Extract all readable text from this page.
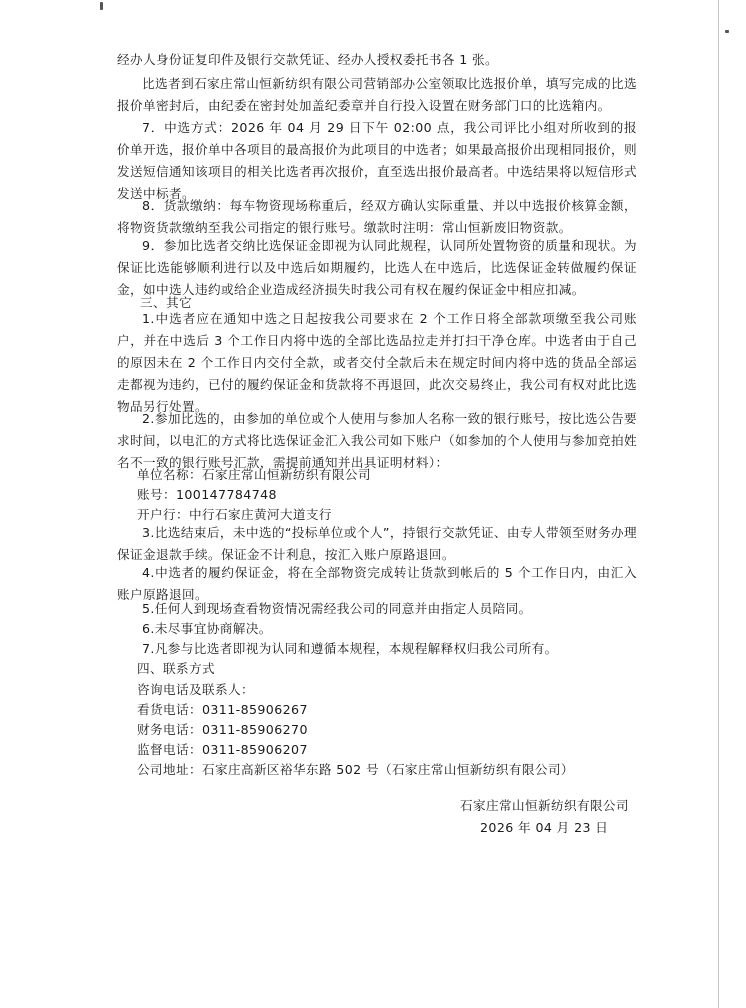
经办人身份证复印件及银行交款凭证、经办人授权委托书各 1 张。

比选者到石家庄常山恒新纺织有限公司营销部办公室领取比选报价单，填写完成的比选报价单密封后，由纪委在密封处加盖纪委章并自行投入设置在财务部门口的比选箱内。

7．中选方式：2026 年 04 月 29 日下午 02:00 点，我公司评比小组对所收到的报价单开选，报价单中各项目的最高报价为此项目的中选者；如果最高报价出现相同报价，则发送短信通知该项目的相关比选者再次报价，直至选出报价最高者。中选结果将以短信形式发送中标者。

8．货款缴纳：每车物资现场称重后，经双方确认实际重量、并以中选报价核算金额，将物资货款缴纳至我公司指定的银行账号。缴款时注明：常山恒新废旧物资款。

9．参加比选者交纳比选保证金即视为认同此规程，认同所处置物资的质量和现状。为保证比选能够顺利进行以及中选后如期履约，比选人在中选后，比选保证金转做履约保证金，如中选人违约或给企业造成经济损失时我公司有权在履约保证金中相应扣减。

三、其它

1.中选者应在通知中选之日起按我公司要求在 2 个工作日将全部款项缴至我公司账户，并在中选后 3 个工作日内将中选的全部比选品拉走并打扫干净仓库。中选者由于自己的原因未在 2 个工作日内交付全款，或者交付全款后未在规定时间内将中选的货品全部运走都视为违约，已付的履约保证金和货款将不再退回，此次交易终止，我公司有权对此比选物品另行处置。

2.参加比选的，由参加的单位或个人使用与参加人名称一致的银行账号，按比选公告要求时间，以电汇的方式将比选保证金汇入我公司如下账户（如参加的个人使用与参加竞拍姓名不一致的银行账号汇款，需提前通知并出具证明材料）：

单位名称：石家庄常山恒新纺织有限公司

账号：100147784748

开户行：中行石家庄黄河大道支行

3.比选结束后，未中选的“投标单位或个人”，持银行交款凭证、由专人带领至财务办理保证金退款手续。保证金不计利息，按汇入账户原路退回。

4.中选者的履约保证金，将在全部物资完成转让货款到帐后的 5 个工作日内，由汇入账户原路退回。

5.任何人到现场查看物资情况需经我公司的同意并由指定人员陪同。

6.未尽事宜协商解决。

7.凡参与比选者即视为认同和遵循本规程，本规程解释权归我公司所有。

四、联系方式

咨询电话及联系人：

看货电话：0311-85906267

财务电话：0311-85906270

监督电话：0311-85906207

公司地址：石家庄高新区裕华东路 502 号（石家庄常山恒新纺织有限公司）

石家庄常山恒新纺织有限公司

2026 年 04 月 23 日
